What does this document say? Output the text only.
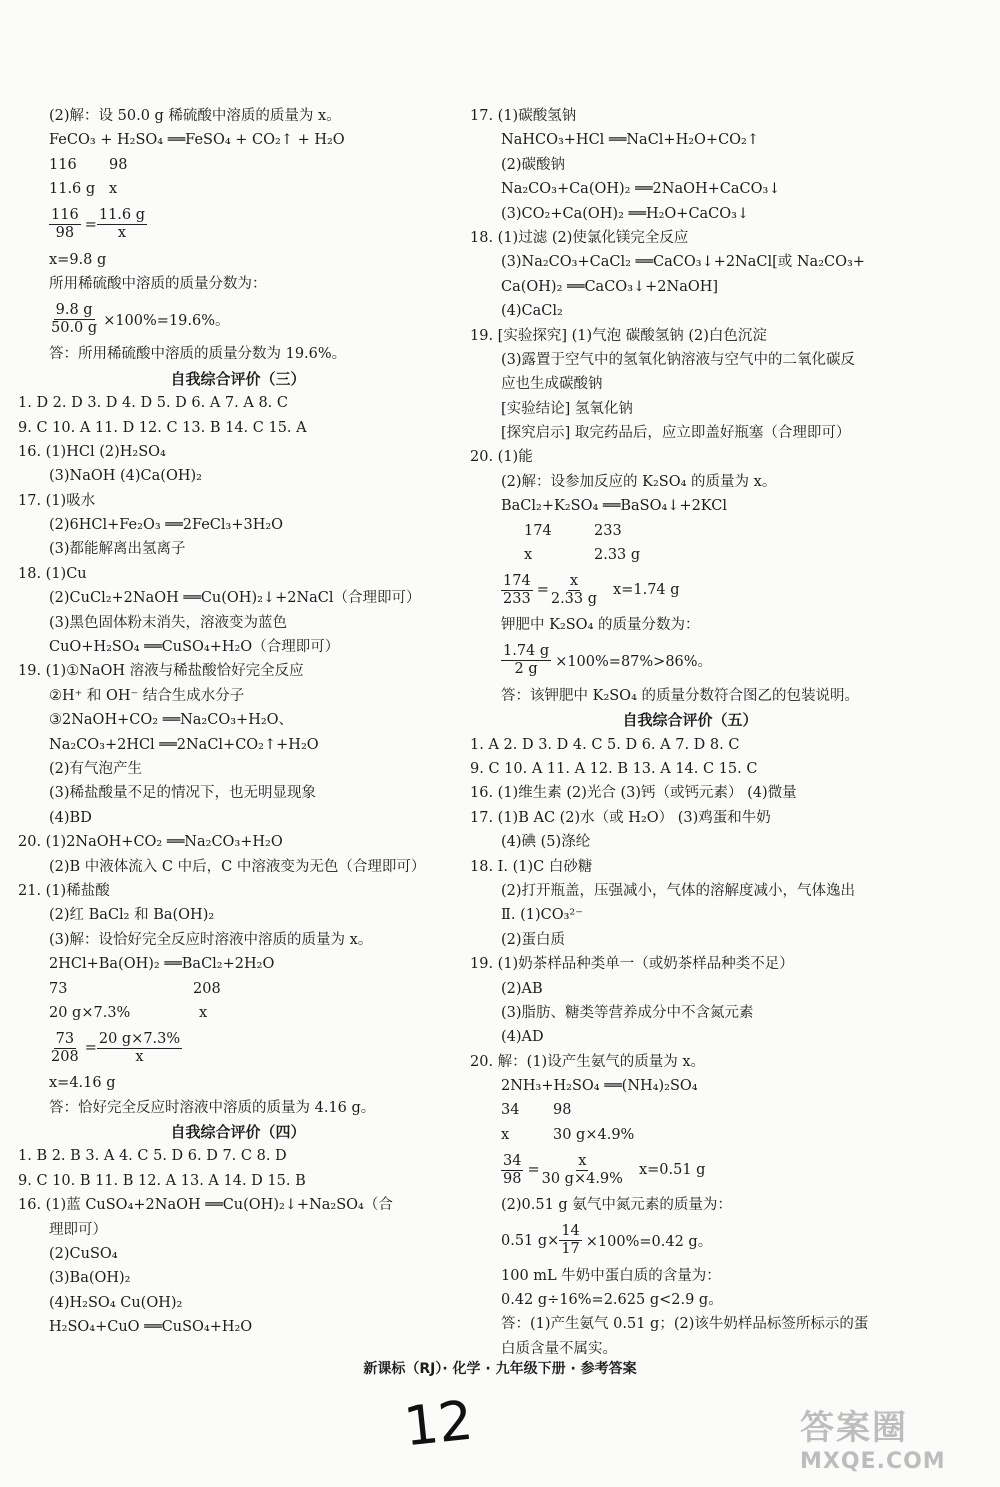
(2)解：设 50.0 g 稀硫酸中溶质的质量为 x。
FeCO₃ + H₂SO₄ ══FeSO₄ + CO₂↑ + H₂O
116 98
11.6 g x
$\frac{116}{98} = \frac{11.6 g}{x}$
x=9.8 g
所用稀硫酸中溶质的质量分数为：
$\frac{9.8 g}{50.0 g} \times 100\%=19.6\%$。
答：所用稀硫酸中溶质的质量分数为 19.6%。
自我综合评价（三）
1. D 2. D 3. D 4. D 5. D 6. A 7. A 8. C
9. C 10. A 11. D 12. C 13. B 14. C 15. A
16. (1)HCl (2)H₂SO₄
(3)NaOH (4)Ca(OH)₂
17. (1)吸水
(2)6HCl+Fe₂O₃ ══2FeCl₃+3H₂O
(3)都能解离出氢离子
18. (1)Cu
(2)CuCl₂+2NaOH ══Cu(OH)₂↓+2NaCl（合理即可）
(3)黑色固体粉末消失，溶液变为蓝色
CuO+H₂SO₄ ══CuSO₄+H₂O（合理即可）
19. (1)①NaOH 溶液与稀盐酸恰好完全反应
②H⁺ 和 OH⁻ 结合生成水分子
③2NaOH+CO₂ ══Na₂CO₃+H₂O、
Na₂CO₃+2HCl ══2NaCl+CO₂↑+H₂O
(2)有气泡产生
(3)稀盐酸量不足的情况下，也无明显现象
(4)BD
20. (1)2NaOH+CO₂ ══Na₂CO₃+H₂O
(2)B 中液体流入 C 中后，C 中溶液变为无色（合理即可）
21. (1)稀盐酸
(2)红 BaCl₂ 和 Ba(OH)₂
(3)解：设恰好完全反应时溶液中溶质的质量为 x。
2HCl+Ba(OH)₂ ══BaCl₂+2H₂O
73	208
20 g×7.3%	x
$\frac{73}{208} = \frac{20 g\times 7.3\%}{x}$
x=4.16 g
答：恰好完全反应时溶液中溶质的质量为 4.16 g。
自我综合评价（四）
1. B 2. B 3. A 4. C 5. D 6. D 7. C 8. D
9. C 10. B 11. B 12. A 13. A 14. D 15. B
16. (1)蓝 CuSO₄+2NaOH ══Cu(OH)₂↓+Na₂SO₄（合
理即可）
(2)CuSO₄
(3)Ba(OH)₂
(4)H₂SO₄ Cu(OH)₂
H₂SO₄+CuO ══CuSO₄+H₂O
17. (1)碳酸氢钠
NaHCO₃+HCl ══NaCl+H₂O+CO₂↑
(2)碳酸钠
Na₂CO₃+Ca(OH)₂ ══2NaOH+CaCO₃↓
(3)CO₂+Ca(OH)₂ ══H₂O+CaCO₃↓
18. (1)过滤 (2)使氯化镁完全反应
(3)Na₂CO₃+CaCl₂ ══CaCO₃↓+2NaCl[或 Na₂CO₃+
Ca(OH)₂ ══CaCO₃↓+2NaOH]
(4)CaCl₂
19. [实验探究] (1)气泡 碳酸氢钠 (2)白色沉淀
(3)露置于空气中的氢氧化钠溶液与空气中的二氧化碳反
应也生成碳酸钠
[实验结论] 氢氧化钠
[探究启示] 取完药品后，应立即盖好瓶塞（合理即可）
20. (1)能
(2)解：设参加反应的 K₂SO₄ 的质量为 x。
BaCl₂+K₂SO₄ ══BaSO₄↓+2KCl
174	233
x	2.33 g
$\frac{174}{233} = \frac{x}{2.33 g} x=1.74$ g
钾肥中 K₂SO₄ 的质量分数为：
$\frac{1.74 g}{2 g} \times 100\%=87\%>86\%$。
答：该钾肥中 K₂SO₄ 的质量分数符合图乙的包装说明。
自我综合评价（五）
1. A 2. D 3. D 4. C 5. D 6. A 7. D 8. C
9. C 10. A 11. A 12. B 13. A 14. C 15. C
16. (1)维生素 (2)光合 (3)钙（或钙元素） (4)微量
17. (1)B AC (2)水（或 H₂O） (3)鸡蛋和牛奶
(4)碘 (5)涤纶
18. Ⅰ. (1)C 白砂糖
(2)打开瓶盖，压强减小，气体的溶解度减小，气体逸出
Ⅱ. (1)CO₃²⁻
(2)蛋白质
19. (1)奶茶样品种类单一（或奶茶样品种类不足）
(2)AB
(3)脂肪、糖类等营养成分中不含氮元素
(4)AD
20. 解：(1)设产生氨气的质量为 x。
2NH₃+H₂SO₄ ══(NH₄)₂SO₄
34 98
x	30 g×4.9%
$\frac{34}{98} = \frac{x}{30 g\times 4.9\%} x=0.51$ g
(2)0.51 g 氨气中氮元素的质量为：
0.51 $g\times \frac{14}{17} \times 100\%=0.42$ g。
100 mL 牛奶中蛋白质的含量为：
0.42 g÷16%=2.625 g<2.9 g。
答：(1)产生氨气 0.51 g；(2)该牛奶样品标签所标示的蛋
白质含量不属实。
新课标（RJ）· 化学 · 九年级下册 · 参考答案
12	答案圈
MXQE.COM
